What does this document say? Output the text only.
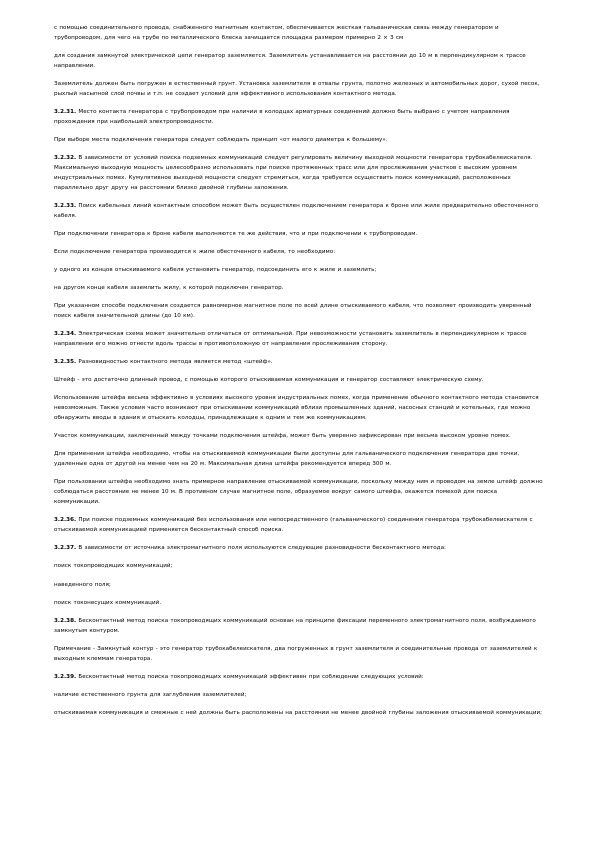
с помощью соединительного провода, снабженного магнитным контактом, обеспечивается жесткая гальваническая связь между генератором и трубопроводом, для чего на трубе по металлического блеска зачищается площадка размером примерно 2 × 3 см

для создания замкнутой электрической цепи генератор заземляется. Заземлитель устанавливается на расстоянии до 10 м в перпендикулярном к трассе направлении.

Заземлитель должен быть погружен в естественный грунт. Установка заземлителя в отвалы грунта, полотно железных и автомобильных дорог, сухой песок, рыхлый насыпной слой почвы и т.п. не создает условий для эффективного использования контактного метода.

3.2.31. Место контакта генератора с трубопроводом при наличии в колодцах арматурных соединений должно быть выбрано с учетом направления прохождения при наибольшей электропроводности.

При выборе места подключения генератора следует соблюдать принцип «от малого диаметра к большему».

3.2.32. В зависимости от условий поиска подземных коммуникаций следует регулировать величину выходной мощности генератора трубокабелеискателя. Максимальную выходную мощность целесообразно использовать при поиске протяженных трасс или для прослеживания участков с высоким уровнем индустриальных помех. Кумулятивное выходной мощности следует стремиться, когда требуется осуществить поиск коммуникаций, расположенных параллельно друг другу на расстоянии близко двойной глубины заложения.

3.2.33. Поиск кабельных линий контактным способом может быть осуществлен подключением генератора к броне или жиле предварительно обесточенного кабеля.

При подключении генератора к броне кабеля выполняются те же действия, что и при подключении к трубопроводам.

Если подключение генератора производится к жиле обесточенного кабеля, то необходимо:

у одного из концов отыскиваемого кабеля установить генератор, подсоединить его к жиле и заземлить;

на другом конце кабеля заземлить жилу, к которой подключен генератор.

При указанном способе подключения создается равномерное магнитное поле по всей длине отыскиваемого кабеля, что позволяет производить уверенный поиск кабеля значительной длины (до 10 км).

3.2.34. Электрическая схема может значительно отличаться от оптимальной. При невозможности установить заземлитель в перпендикулярном к трассе направлении его можно отнести вдоль трассы в противоположную от направления прослеживания сторону.

3.2.35. Разновидностью контактного метода является метод «штейф».

Штейф - это достаточно длинный провод, с помощью которого отыскиваемая коммуникация и генератор составляют электрическую схему.

Использование штейфа весьма эффективно в условиях высокого уровня индустриальных помех, когда применение обычного контактного метода становится невозможным. Также условия часто возникают при отыскивании коммуникаций вблизи промышленных зданий, насосных станций и котельных, где можно обнаружить вводы в здания и отыскать колодцы, принадлежащие к одним и тем же коммуникациям.

Участок коммуникации, заключенный между точками подключения штейфа, может быть уверенно зафиксирован при весьма высоком уровне помех.

Для применения штейфа необходимо, чтобы на отыскиваемой коммуникации были доступны для гальванического подключения генератора две точки, удаленные одна от другой на менее чем на 20 м. Максимальная длина штейфа рекомендуется вперед 300 м.

При пользовании штейфа необходимо знать примерное направление отыскиваемой коммуникации, поскольку между ним и проводом на земле штейф должно соблюдаться расстояние не менее 10 м. В противном случае магнитное поле, образуемое вокруг самого штейфа, окажется помехой для поиска коммуникации.

3.2.36. При поиске подземных коммуникаций без использования или непосредственного (гальванического) соединения генератора трубокабелеискателя с отыскиваемой коммуникацией применяется бесконтактный способ поиска.

3.2.37. В зависимости от источника электромагнитного поля используются следующие разновидности бесконтактного метода:

поиск токопроводящих коммуникаций;

наведенного поля;

поиск токонесущих коммуникаций.

3.2.38. Бесконтактный метод поиска токопроводящих коммуникаций основан на принципе фиксации переменного электромагнитного поля, возбуждаемого замкнутым контуром.

Примечание - Замкнутый контур - это генератор трубокабелеискателя, два погруженных в грунт заземлителя и соединительные провода от заземлителей к выходным клеммам генератора.

3.2.39. Бесконтактный метод поиска токопроводящих коммуникаций эффективен при соблюдении следующих условий:

наличие естественного грунта для заглубления заземлителей;

отыскиваемая коммуникация и смежные с ней должны быть расположены на расстоянии не менее двойной глубины заложения отыскиваемой коммуникации;
